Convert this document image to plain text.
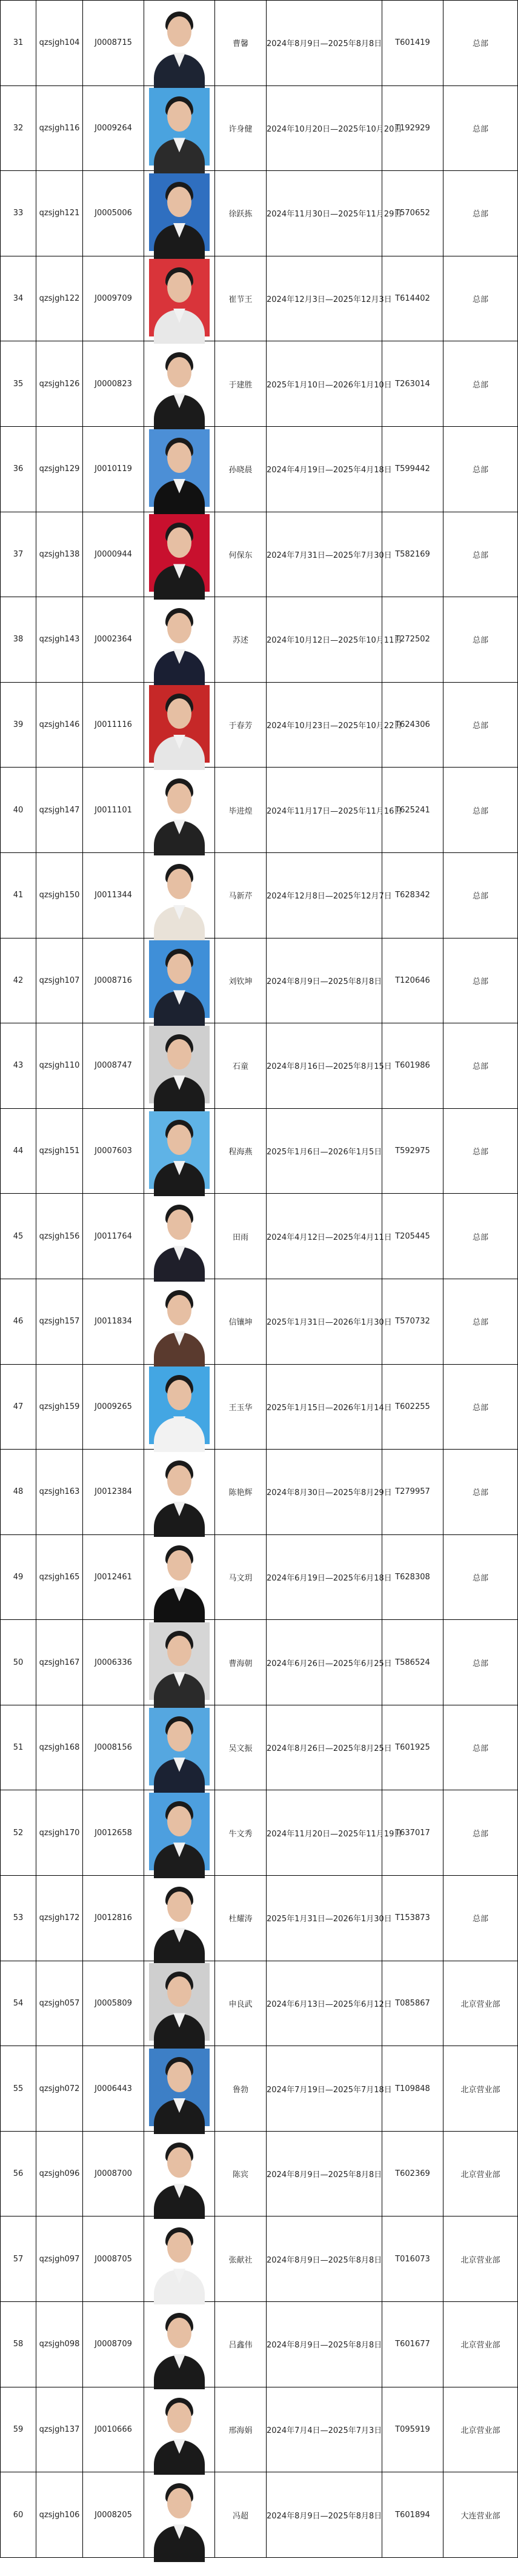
31	qzsjgh104	J0008715		曹馨	2024年8月9日—2025年8月8日	T601419	总部
32	qzsjgh116	J0009264		许身健	2024年10月20日—2025年10月20日	T192929	总部
33	qzsjgh121	J0005006		徐跃拣	2024年11月30日—2025年11月29日	T570652	总部
34	qzsjgh122	J0009709		崔节王	2024年12月3日—2025年12月3日	T614402	总部
35	qzsjgh126	J0000823		于建胜	2025年1月10日—2026年1月10日	T263014	总部
36	qzsjgh129	J0010119		孙晓晨	2024年4月19日—2025年4月18日	T599442	总部
37	qzsjgh138	J0000944		何保东	2024年7月31日—2025年7月30日	T582169	总部
38	qzsjgh143	J0002364		苏述	2024年10月12日—2025年10月11日	T272502	总部
39	qzsjgh146	J0011116		于春芳	2024年10月23日—2025年10月22日	T624306	总部
40	qzsjgh147	J0011101		毕进煌	2024年11月17日—2025年11月16日	T625241	总部
41	qzsjgh150	J0011344		马新芹	2024年12月8日—2025年12月7日	T628342	总部
42	qzsjgh107	J0008716		刘钦坤	2024年8月9日—2025年8月8日	T120646	总部
43	qzsjgh110	J0008747		石童	2024年8月16日—2025年8月15日	T601986	总部
44	qzsjgh151	J0007603		程海燕	2025年1月6日—2026年1月5日	T592975	总部
45	qzsjgh156	J0011764		田雨	2024年4月12日—2025年4月11日	T205445	总部
46	qzsjgh157	J0011834		信镶坤	2025年1月31日—2026年1月30日	T570732	总部
47	qzsjgh159	J0009265		王玉华	2025年1月15日—2026年1月14日	T602255	总部
48	qzsjgh163	J0012384		陈艳辉	2024年8月30日—2025年8月29日	T279957	总部
49	qzsjgh165	J0012461		马文玥	2024年6月19日—2025年6月18日	T628308	总部
50	qzsjgh167	J0006336		曹海朝	2024年6月26日—2025年6月25日	T586524	总部
51	qzsjgh168	J0008156		吴文振	2024年8月26日—2025年8月25日	T601925	总部
52	qzsjgh170	J0012658		牛文秀	2024年11月20日—2025年11月19日	T637017	总部
53	qzsjgh172	J0012816		杜耀涛	2025年1月31日—2026年1月30日	T153873	总部
54	qzsjgh057	J0005809		申良武	2024年6月13日—2025年6月12日	T085867	北京营业部
55	qzsjgh072	J0006443		鲁勃	2024年7月19日—2025年7月18日	T109848	北京营业部
56	qzsjgh096	J0008700		陈宾	2024年8月9日—2025年8月8日	T602369	北京营业部
57	qzsjgh097	J0008705		张献社	2024年8月9日—2025年8月8日	T016073	北京营业部
58	qzsjgh098	J0008709		吕鑫伟	2024年8月9日—2025年8月8日	T601677	北京营业部
59	qzsjgh137	J0010666		邢海娟	2024年7月4日—2025年7月3日	T095919	北京营业部
60	qzsjgh106	J0008205		冯超	2024年8月9日—2025年8月8日	T601894	大连营业部
